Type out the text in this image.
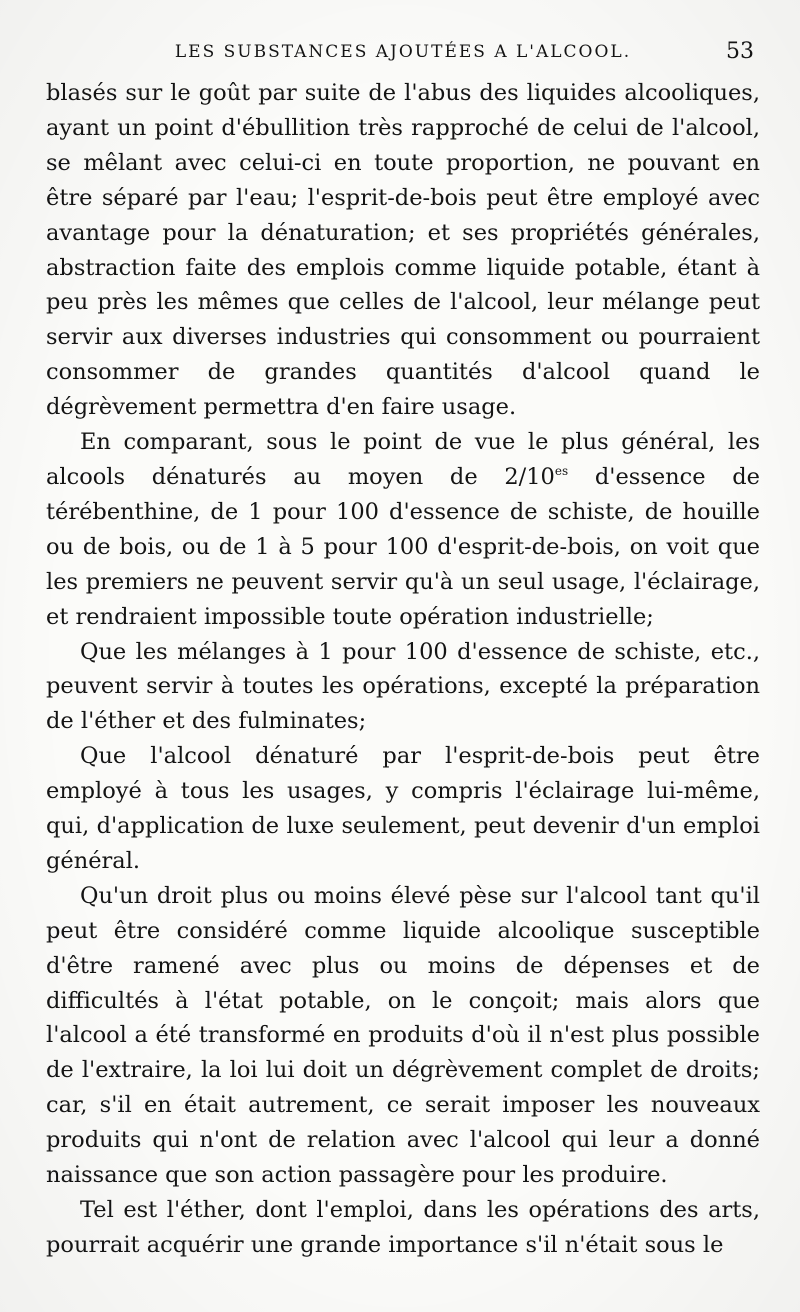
LES SUBSTANCES AJOUTÉES A L'ALCOOL.	53

blasés sur le goût par suite de l'abus des liquides alcooliques, ayant un point d'ébullition très rapproché de celui de l'alcool, se mêlant avec celui-ci en toute proportion, ne pouvant en être séparé par l'eau; l'esprit-de-bois peut être employé avec avantage pour la dénaturation; et ses propriétés générales, abstraction faite des emplois comme liquide potable, étant à peu près les mêmes que celles de l'alcool, leur mélange peut servir aux diverses industries qui consomment ou pourraient consommer de grandes quantités d'alcool quand le dégrèvement permettra d'en faire usage.

En comparant, sous le point de vue le plus général, les alcools dénaturés au moyen de $2/10^{es}$ d'essence de térébenthine, de 1 pour 100 d'essence de schiste, de houille ou de bois, ou de 1 à 5 pour 100 d'esprit-de-bois, on voit que les premiers ne peuvent servir qu'à un seul usage, l'éclairage, et rendraient impossible toute opération industrielle;

Que les mélanges à 1 pour 100 d'essence de schiste, etc., peuvent servir à toutes les opérations, excepté la préparation de l'éther et des fulminates;

Que l'alcool dénaturé par l'esprit-de-bois peut être employé à tous les usages, y compris l'éclairage lui-même, qui, d'application de luxe seulement, peut devenir d'un emploi général.

Qu'un droit plus ou moins élevé pèse sur l'alcool tant qu'il peut être considéré comme liquide alcoolique susceptible d'être ramené avec plus ou moins de dépenses et de difficultés à l'état potable, on le conçoit; mais alors que l'alcool a été transformé en produits d'où il n'est plus possible de l'extraire, la loi lui doit un dégrèvement complet de droits; car, s'il en était autrement, ce serait imposer les nouveaux produits qui n'ont de relation avec l'alcool qui leur a donné naissance que son action passagère pour les produire.

Tel est l'éther, dont l'emploi, dans les opérations des arts, pourrait acquérir une grande importance s'il n'était sous le
